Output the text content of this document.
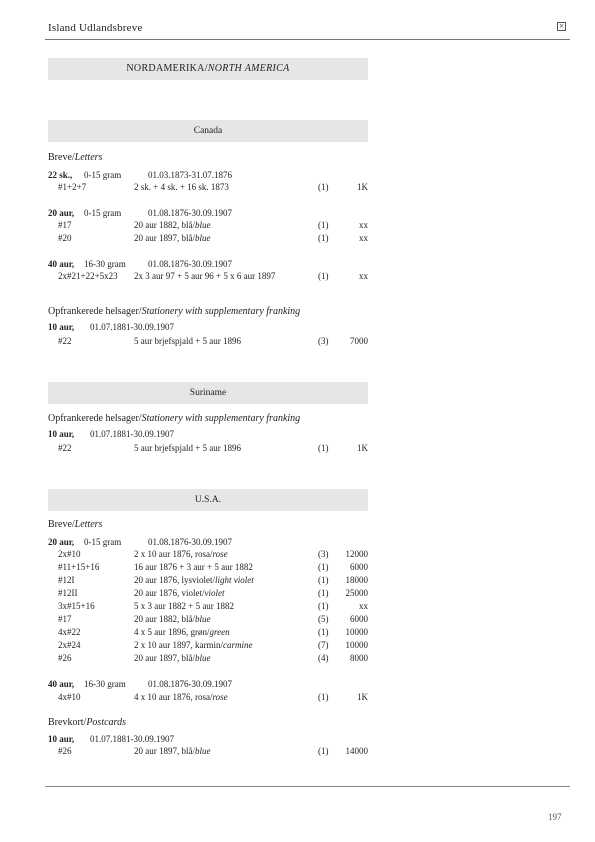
Island Udlandsbreve	×
NORDAMERIKA/NORTH AMERICA
Canada
Breve/Letters
22 sk., 0-15 gram	01.03.1873-31.07.1876
#1+2+7	2 sk. + 4 sk. + 16 sk. 1873	(1)	1K
20 aur, 0-15 gram	01.08.1876-30.09.1907
#17	20 aur 1882, blå/blue	(1)	xx
#20	20 aur 1897, blå/blue	(1)	xx
40 aur, 16-30 gram 01.08.1876-30.09.1907
2x#21+22+5x23 2x 3 aur 97 + 5 aur 96 + 5 x 6 aur 1897	(1)	xx
Opfrankerede helsager/Stationery with supplementary franking
10 aur, 01.07.1881-30.09.1907
#22	5 aur brjefspjald + 5 aur 1896	(3) 7000
Suriname
Opfrankerede helsager/Stationery with supplementary franking
10 aur, 01.07.1881-30.09.1907
#22	5 aur brjefspjald + 5 aur 1896	(1)	1K
U.S.A.
Breve/Letters
20 aur, 0-15 gram	01.08.1876-30.09.1907
2x#10	2 x 10 aur 1876, rosa/rose	(3) 12000
#11+15+16	16 aur 1876 + 3 aur + 5 aur 1882	(1) 6000
#12I	20 aur 1876, lysviolet/light violet	(1) 18000
#12II	20 aur 1876, violet/violet	(1) 25000
3x#15+16	5 x 3 aur 1882 + 5 aur 1882	(1)	xx
#17	20 aur 1882, blå/blue	(5) 6000
4x#22	4 x 5 aur 1896, grøn/green	(1) 10000
2x#24	2 x 10 aur 1897, karmin/carmine	(7) 10000
#26	20 aur 1897, blå/blue	(4) 8000
40 aur, 16-30 gram 01.08.1876-30.09.1907
4x#10	4 x 10 aur 1876, rosa/rose	(1)	1K
Brevkort/Postcards
10 aur, 01.07.1881-30.09.1907
#26	20 aur 1897, blå/blue	(1) 14000
197
